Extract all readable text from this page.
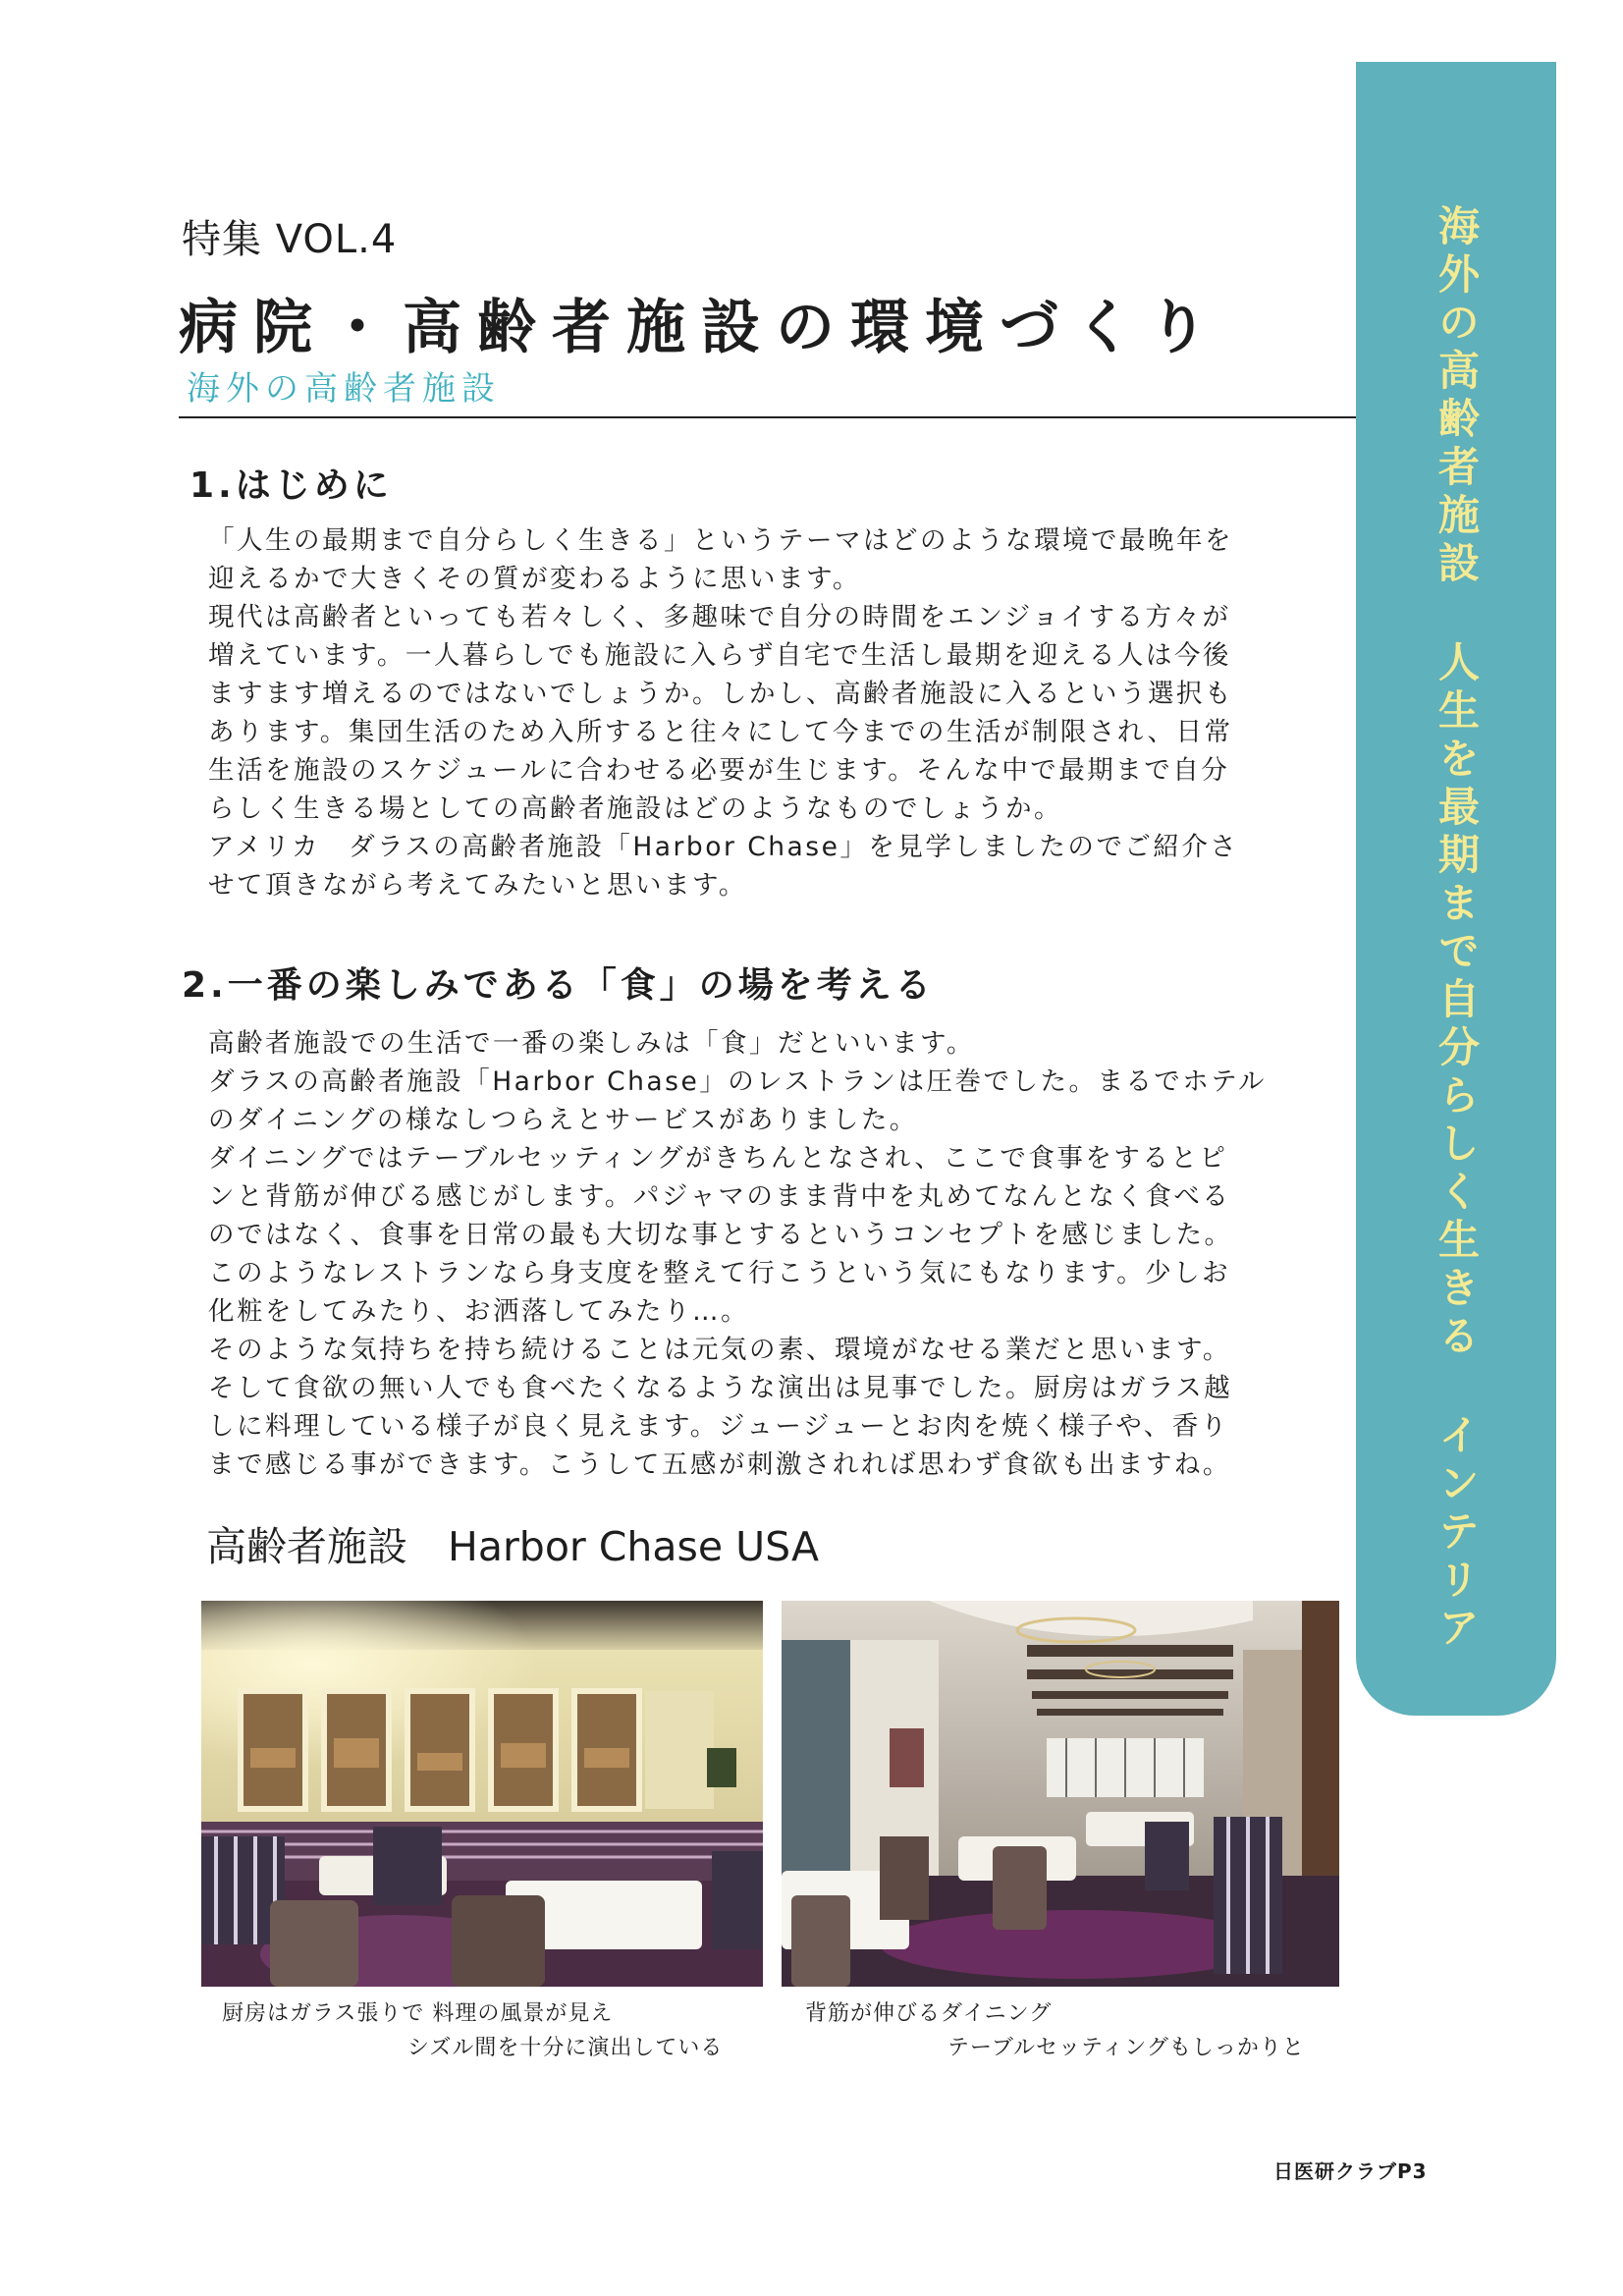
特集 VOL.4
病院・高齢者施設の環境づくり
海外の高齢者施設
1.はじめに
「人生の最期まで自分らしく生きる」というテーマはどのような環境で最晩年を
迎えるかで大きくその質が変わるように思います。
現代は高齢者といっても若々しく、多趣味で自分の時間をエンジョイする方々が
増えています。一人暮らしでも施設に入らず自宅で生活し最期を迎える人は今後
ますます増えるのではないでしょうか。しかし、高齢者施設に入るという選択も
あります。集団生活のため入所すると往々にして今までの生活が制限され、日常
生活を施設のスケジュールに合わせる必要が生じます。そんな中で最期まで自分
らしく生きる場としての高齢者施設はどのようなものでしょうか。
アメリカ　ダラスの高齢者施設「Harbor Chase」を見学しましたのでご紹介さ
せて頂きながら考えてみたいと思います。
2.一番の楽しみである「食」の場を考える
高齢者施設での生活で一番の楽しみは「食」だといいます。
ダラスの高齢者施設「Harbor Chase」のレストランは圧巻でした。まるでホテル
のダイニングの様なしつらえとサービスがありました。
ダイニングではテーブルセッティングがきちんとなされ、ここで食事をするとピ
ンと背筋が伸びる感じがします。パジャマのまま背中を丸めてなんとなく食べる
のではなく、食事を日常の最も大切な事とするというコンセプトを感じました。
このようなレストランなら身支度を整えて行こうという気にもなります。少しお
化粧をしてみたり、お洒落してみたり…。
そのような気持ちを持ち続けることは元気の素、環境がなせる業だと思います。
そして食欲の無い人でも食べたくなるような演出は見事でした。厨房はガラス越
しに料理している様子が良く見えます。ジュージューとお肉を焼く様子や、香り
まで感じる事ができます。こうして五感が刺激されれば思わず食欲も出ますね。
高齢者施設　Harbor Chase USA
厨房はガラス張りで 料理の風景が見え
シズル間を十分に演出している
背筋が伸びるダイニング
テーブルセッティングもしっかりと
海外の高齢者施設人生を最期まで自分らしく生きるインテリア
日医研クラブP3
